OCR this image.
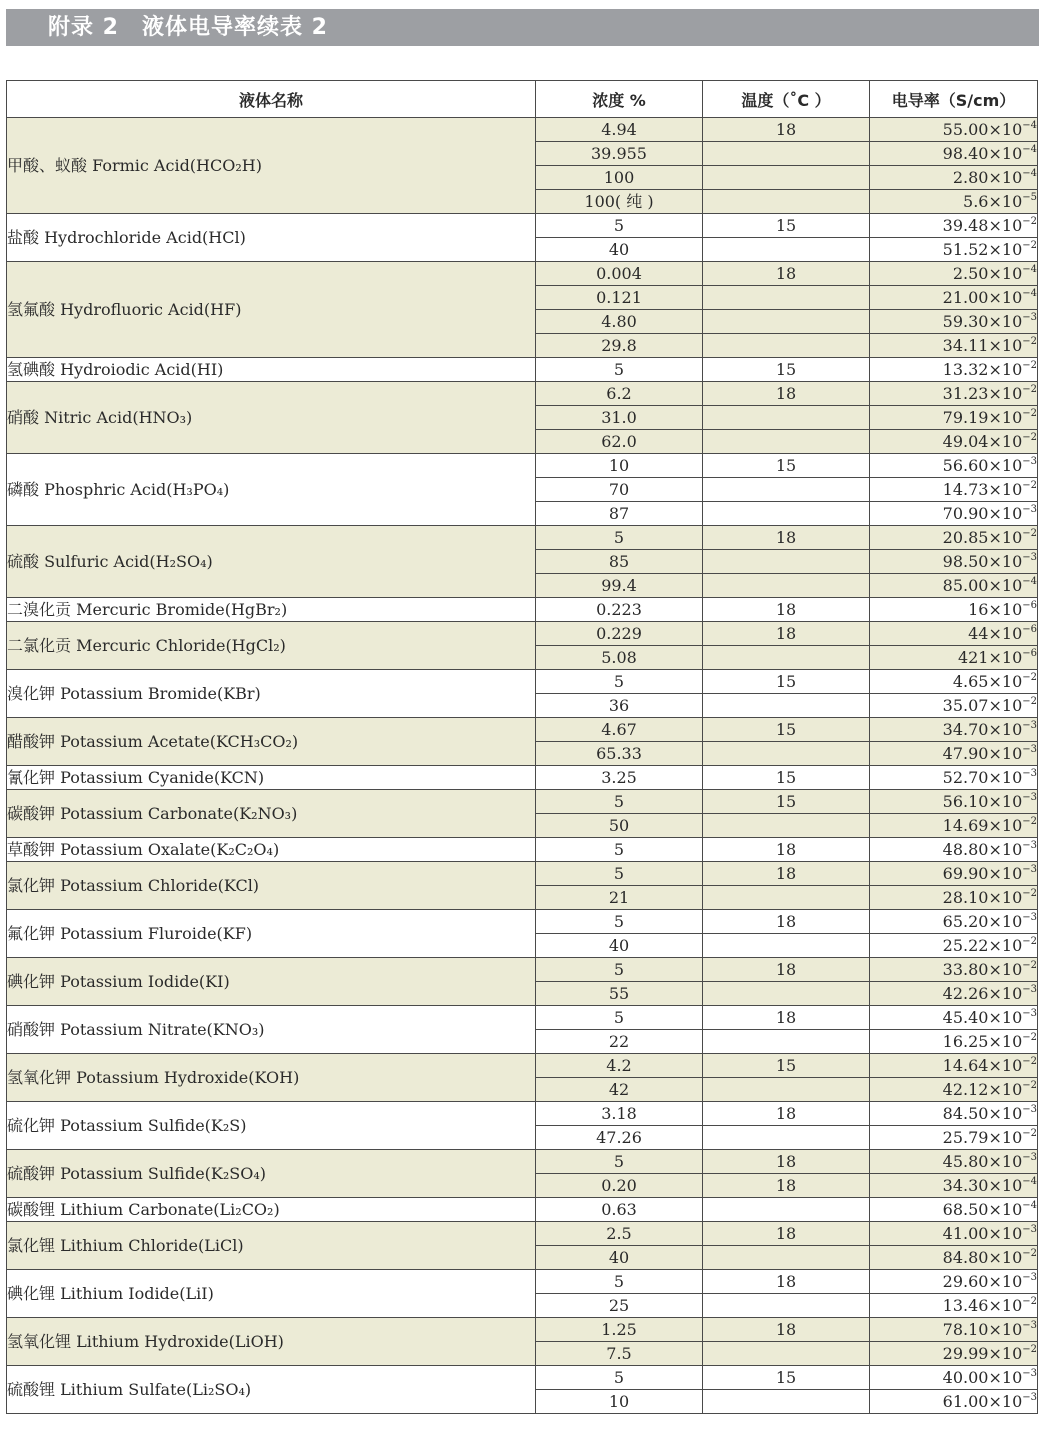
附录 2　液体电导率续表 2
液体名称	浓度 %	温度（˚C ）	电导率（S/cm）
甲酸、蚁酸 Formic Acid(HCO₂H)	4.94	18	$55.00\times 10^{-4}$
	39.955		$98.40\times 10^{-4}$
	100		$2.80\times 10^{-4}$
	100( 纯 )		$5.6\times 10^{-5}$
盐酸 Hydrochloride Acid(HCl)	5	15	$39.48\times 10^{-2}$
	40		$51.52\times 10^{-2}$
氢氟酸 Hydrofluoric Acid(HF)	0.004	18	$2.50\times 10^{-4}$
	0.121		$21.00\times 10^{-4}$
	4.80		$59.30\times 10^{-3}$
	29.8		$34.11\times 10^{-2}$
氢碘酸 Hydroiodic Acid(HI)	5	15	$13.32\times 10^{-2}$
硝酸 Nitric Acid(HNO₃)	6.2	18	$31.23\times 10^{-2}$
	31.0		$79.19\times 10^{-2}$
	62.0		$49.04\times 10^{-2}$
磷酸 Phosphric Acid(H₃PO₄)	10	15	$56.60\times 10^{-3}$
	70		$14.73\times 10^{-2}$
	87		$70.90\times 10^{-3}$
硫酸 Sulfuric Acid(H₂SO₄)	5	18	$20.85\times 10^{-2}$
	85		$98.50\times 10^{-3}$
	99.4		$85.00\times 10^{-4}$
二溴化贡 Mercuric Bromide(HgBr₂)	0.223	18	$16\times 10^{-6}$
二氯化贡 Mercuric Chloride(HgCl₂)	0.229	18	$44\times 10^{-6}$
	5.08		$421\times 10^{-6}$
溴化钾 Potassium Bromide(KBr)	5	15	$4.65\times 10^{-2}$
	36		$35.07\times 10^{-2}$
醋酸钾 Potassium Acetate(KCH₃CO₂)	4.67	15	$34.70\times 10^{-3}$
	65.33		$47.90\times 10^{-3}$
氰化钾 Potassium Cyanide(KCN)	3.25	15	$52.70\times 10^{-3}$
碳酸钾 Potassium Carbonate(K₂NO₃)	5	15	$56.10\times 10^{-3}$
	50		$14.69\times 10^{-2}$
草酸钾 Potassium Oxalate(K₂C₂O₄)	5	18	$48.80\times 10^{-3}$
氯化钾 Potassium Chloride(KCl)	5	18	$69.90\times 10^{-3}$
	21		$28.10\times 10^{-2}$
氟化钾 Potassium Fluroide(KF)	5	18	$65.20\times 10^{-3}$
	40		$25.22\times 10^{-2}$
碘化钾 Potassium Iodide(KI)	5	18	$33.80\times 10^{-2}$
	55		$42.26\times 10^{-3}$
硝酸钾 Potassium Nitrate(KNO₃)	5	18	$45.40\times 10^{-3}$
	22		$16.25\times 10^{-2}$
氢氧化钾 Potassium Hydroxide(KOH)	4.2	15	$14.64\times 10^{-2}$
	42		$42.12\times 10^{-2}$
硫化钾 Potassium Sulfide(K₂S)	3.18	18	$84.50\times 10^{-3}$
	47.26		$25.79\times 10^{-2}$
硫酸钾 Potassium Sulfide(K₂SO₄)	5	18	$45.80\times 10^{-3}$
	0.20	18	$34.30\times 10^{-4}$
碳酸锂 Lithium Carbonate(Li₂CO₂)	0.63		$68.50\times 10^{-4}$
氯化锂 Lithium Chloride(LiCl)	2.5	18	$41.00\times 10^{-3}$
	40		$84.80\times 10^{-2}$
碘化锂 Lithium Iodide(LiI)	5	18	$29.60\times 10^{-3}$
	25		$13.46\times 10^{-2}$
氢氧化锂 Lithium Hydroxide(LiOH)	1.25	18	$78.10\times 10^{-3}$
	7.5		$29.99\times 10^{-2}$
硫酸锂 Lithium Sulfate(Li₂SO₄)	5	15	$40.00\times 10^{-3}$
	10		$61.00\times 10^{-3}$
